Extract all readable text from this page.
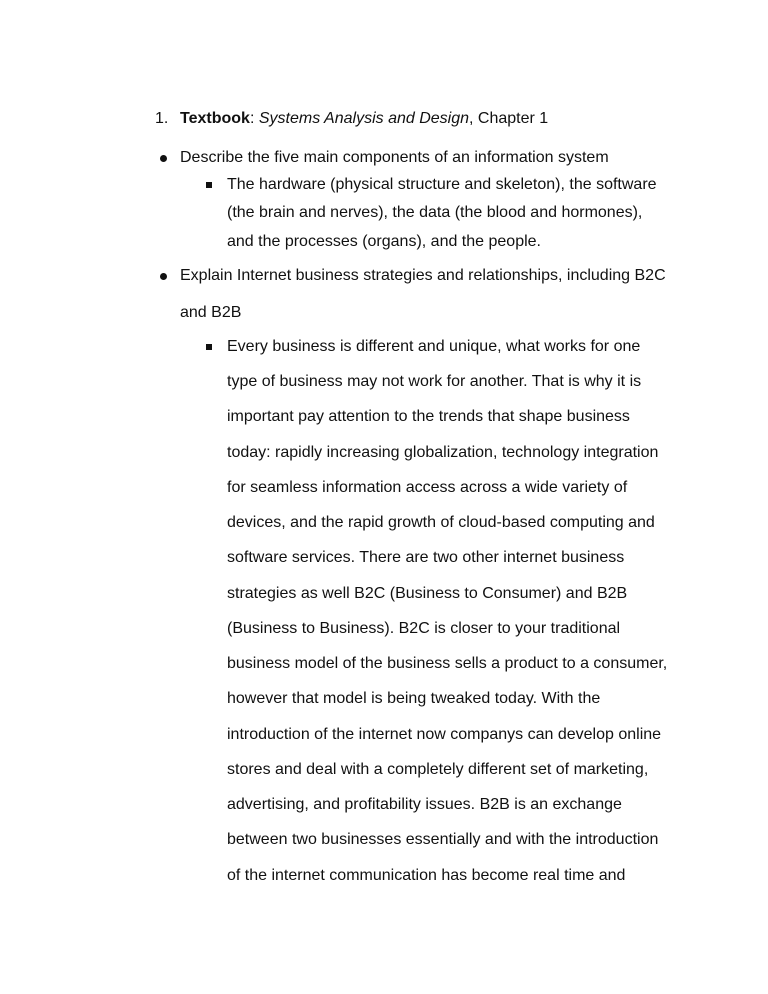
1. Textbook: Systems Analysis and Design, Chapter 1
Describe the five main components of an information system
The hardware (physical structure and skeleton), the software
(the brain and nerves), the data (the blood and hormones),
and the processes (organs), and the people.
Explain Internet business strategies and relationships, including B2C
and B2B
Every business is different and unique, what works for one
type of business may not work for another. That is why it is
important pay attention to the trends that shape business
today: rapidly increasing globalization, technology integration
for seamless information access across a wide variety of
devices, and the rapid growth of cloud-based computing and
software services. There are two other internet business
strategies as well B2C (Business to Consumer) and B2B
(Business to Business). B2C is closer to your traditional
business model of the business sells a product to a consumer,
however that model is being tweaked today. With the
introduction of the internet now companys can develop online
stores and deal with a completely different set of marketing,
advertising, and profitability issues. B2B is an exchange
between two businesses essentially and with the introduction
of the internet communication has become real time and
